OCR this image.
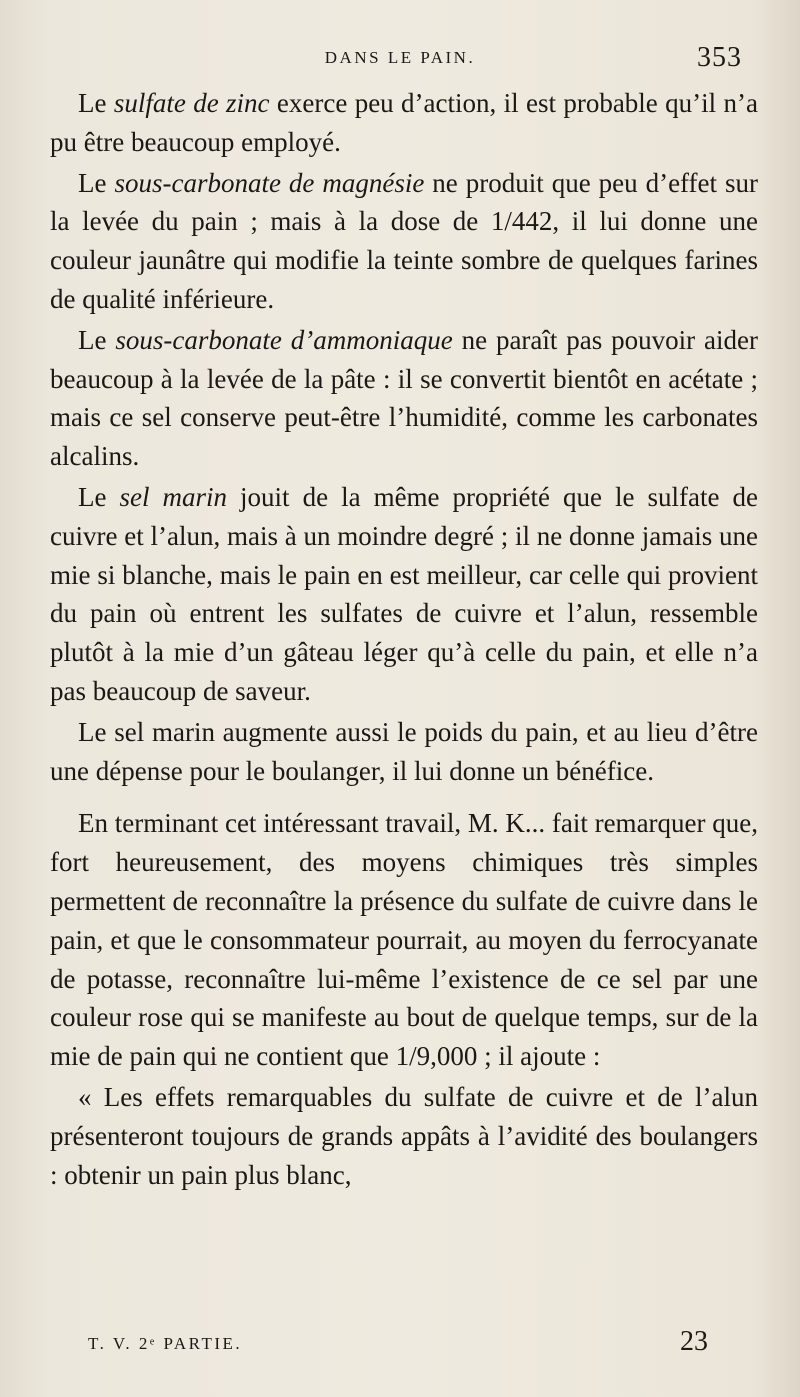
DANS LE PAIN.	353

Le sulfate de zinc exerce peu d’action, il est probable qu’il n’a pu être beaucoup employé.

Le sous-carbonate de magnésie ne produit que peu d’effet sur la levée du pain ; mais à la dose de 1/442, il lui donne une couleur jaunâtre qui modifie la teinte sombre de quelques farines de qualité inférieure.

Le sous-carbonate d’ammoniaque ne paraît pas pouvoir aider beaucoup à la levée de la pâte : il se convertit bientôt en acétate ; mais ce sel conserve peut-être l’humidité, comme les carbonates alcalins.

Le sel marin jouit de la même propriété que le sulfate de cuivre et l’alun, mais à un moindre degré ; il ne donne jamais une mie si blanche, mais le pain en est meilleur, car celle qui provient du pain où entrent les sulfates de cuivre et l’alun, ressemble plutôt à la mie d’un gâteau léger qu’à celle du pain, et elle n’a pas beaucoup de saveur.

Le sel marin augmente aussi le poids du pain, et au lieu d’être une dépense pour le boulanger, il lui donne un bénéfice.

En terminant cet intéressant travail, M. K... fait remarquer que, fort heureusement, des moyens chimiques très simples permettent de reconnaître la présence du sulfate de cuivre dans le pain, et que le consommateur pourrait, au moyen du ferrocyanate de potasse, reconnaître lui-même l’existence de ce sel par une couleur rose qui se manifeste au bout de quelque temps, sur de la mie de pain qui ne contient que 1/9,000 ; il ajoute :

« Les effets remarquables du sulfate de cuivre et de l’alun présenteront toujours de grands appâts à l’avidité des boulangers : obtenir un pain plus blanc,

T. V. 2ᵉ PARTIE.	23
